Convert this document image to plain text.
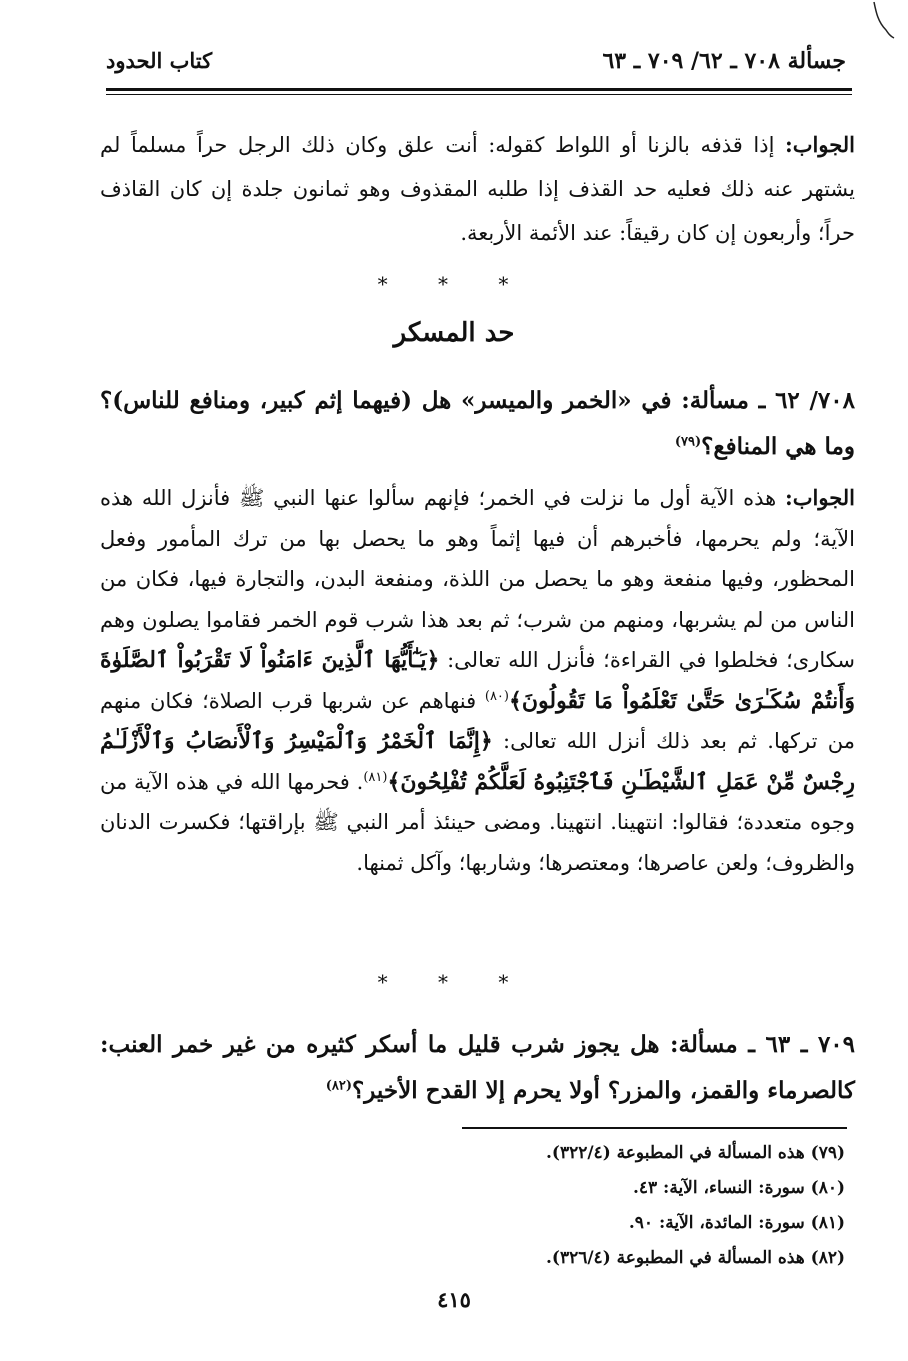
جسألة ٧٠٨ ـ ٦٢/ ٧٠٩ ـ ٦٣
كتاب الحدود
الجواب: إذا قذفه بالزنا أو اللواط كقوله: أنت علق وكان ذلك الرجل حراً مسلماً لم يشتهر عنه ذلك فعليه حد القذف إذا طلبه المقذوف وهو ثمانون جلدة إن كان القاذف حراً؛ وأربعون إن كان رقيقاً: عند الأئمة الأربعة.
* * *
حد المسكر
٧٠٨/ ٦٢ ـ مسألة: في «الخمر والميسر» هل (فيهما إثم كبير، ومنافع للناس)؟ وما هي المنافع؟$^{(٧٩)}$
الجواب: هذه الآية أول ما نزلت في الخمر؛ فإنهم سألوا عنها النبي ﷺ فأنزل الله هذه الآية؛ ولم يحرمها، فأخبرهم أن فيها إثماً وهو ما يحصل بها من ترك المأمور وفعل المحظور، وفيها منفعة وهو ما يحصل من اللذة، ومنفعة البدن، والتجارة فيها، فكان من الناس من لم يشربها، ومنهم من شرب؛ ثم بعد هذا شرب قوم الخمر فقاموا يصلون وهم سكارى؛ فخلطوا في القراءة؛ فأنزل الله تعالى: ﴿يَـٰٓأَيُّهَا ٱلَّذِينَ ءَامَنُواْ لَا تَقْرَبُواْ ٱلصَّلَوٰةَ وَأَنتُمْ سُكَـٰرَىٰ حَتَّىٰ تَعْلَمُواْ مَا تَقُولُونَ﴾$^{(٨٠)}$ فنهاهم عن شربها قرب الصلاة؛ فكان منهم من تركها. ثم بعد ذلك أنزل الله تعالى: ﴿إِنَّمَا ٱلْخَمْرُ وَٱلْمَيْسِرُ وَٱلْأَنصَابُ وَٱلْأَزْلَـٰمُ رِجْسٌ مِّنْ عَمَلِ ٱلشَّيْطَـٰنِ فَٱجْتَنِبُوهُ لَعَلَّكُمْ تُفْلِحُونَ﴾$^{(٨١)}$. فحرمها الله في هذه الآية من وجوه متعددة؛ فقالوا: انتهينا. انتهينا. ومضى حينئذ أمر النبي ﷺ بإراقتها؛ فكسرت الدنان والظروف؛ ولعن عاصرها؛ ومعتصرها؛ وشاربها؛ وآكل ثمنها.
* * *
٧٠٩ ـ ٦٣ ـ مسألة: هل يجوز شرب قليل ما أسكر كثيره من غير خمر العنب: كالصرماء والقمز، والمزر؟ أولا يحرم إلا القدح الأخير؟$^{(٨٢)}$
(٧٩) هذه المسألة في المطبوعة (٣٢٢/٤).
(٨٠) سورة: النساء، الآية: ٤٣.
(٨١) سورة: المائدة، الآية: ٩٠.
(٨٢) هذه المسألة في المطبوعة (٣٢٦/٤).
٤١٥
